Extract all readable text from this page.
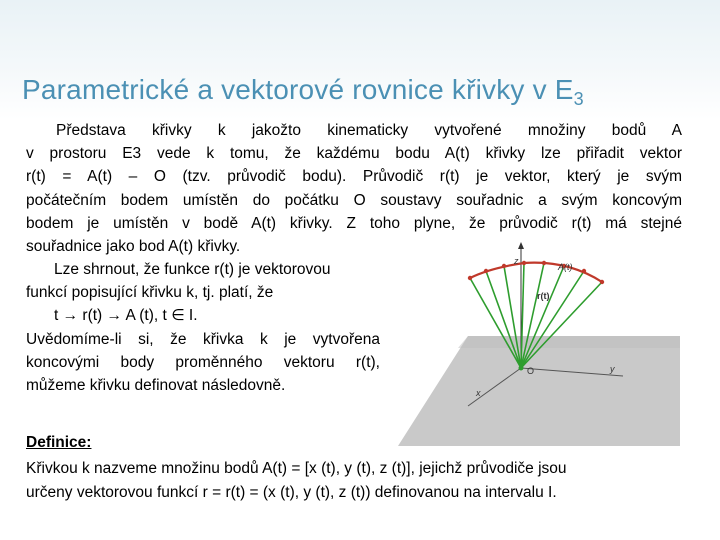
Parametrické a vektorové rovnice křivky v $E_3$
Představa křivky k jakožto kinematicky vytvořené množiny bodů A
v prostoru E3 vede k tomu, že každému bodu A(t) křivky lze přiřadit vektor
r(t) = A(t) – O (tzv. průvodič bodu). Průvodič r(t) je vektor, který je svým
počátečním bodem umístěn do počátku O soustavy souřadnic a svým koncovým
bodem je umístěn v bodě A(t) křivky. Z toho plyne, že průvodič r(t) má stejné
souřadnice jako bod A(t) křivky.
Lze shrnout, že funkce r(t) je vektorovou
funkcí popisující křivku k, tj. platí, že
t → r(t) → A (t), t ∈ I.
Uvědomíme-li si, že křivka k je vytvořena
koncovými body proměnného vektoru r(t),
můžeme křivku definovat následovně.
z
A(t)
r(t)
O
x
y
Definice:
Křivkou k nazveme množinu bodů A(t) = [x (t), y (t), z (t)], jejichž průvodiče jsou
určeny vektorovou funkcí r = r(t) = (x (t), y (t), z (t)) definovanou na intervalu I.
